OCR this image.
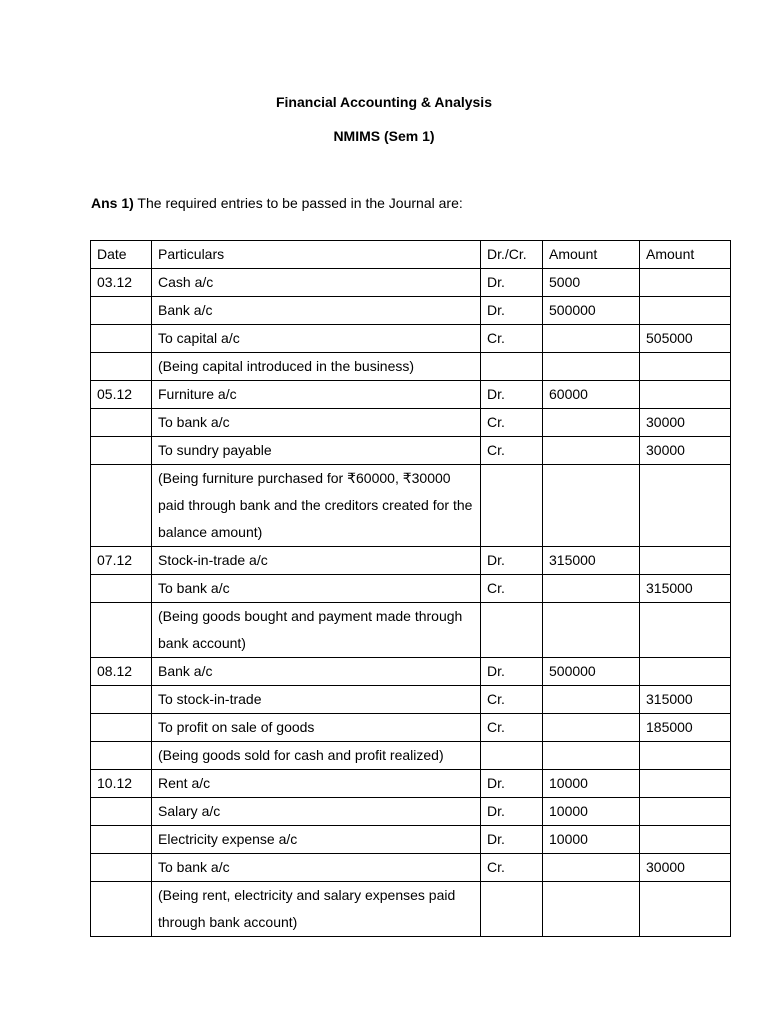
Financial Accounting & Analysis
NMIMS (Sem 1)
Ans 1) The required entries to be passed in the Journal are:
Date	Particulars	Dr./Cr.	Amount	Amount
03.12	Cash a/c	Dr.	5000	
	Bank a/c	Dr.	500000	
	To capital a/c	Cr.		505000
	(Being capital introduced in the business)			
05.12	Furniture a/c	Dr.	60000	
	To bank a/c	Cr.		30000
	To sundry payable	Cr.		30000
	(Being furniture purchased for ₹60000, ₹30000 paid through bank and the creditors created for the balance amount)			
07.12	Stock-in-trade a/c	Dr.	315000	
	To bank a/c	Cr.		315000
	(Being goods bought and payment made through bank account)			
08.12	Bank a/c	Dr.	500000	
	To stock-in-trade	Cr.		315000
	To profit on sale of goods	Cr.		185000
	(Being goods sold for cash and profit realized)			
10.12	Rent a/c	Dr.	10000	
	Salary a/c	Dr.	10000	
	Electricity expense a/c	Dr.	10000	
	To bank a/c	Cr.		30000
	(Being rent, electricity and salary expenses paid through bank account)			
